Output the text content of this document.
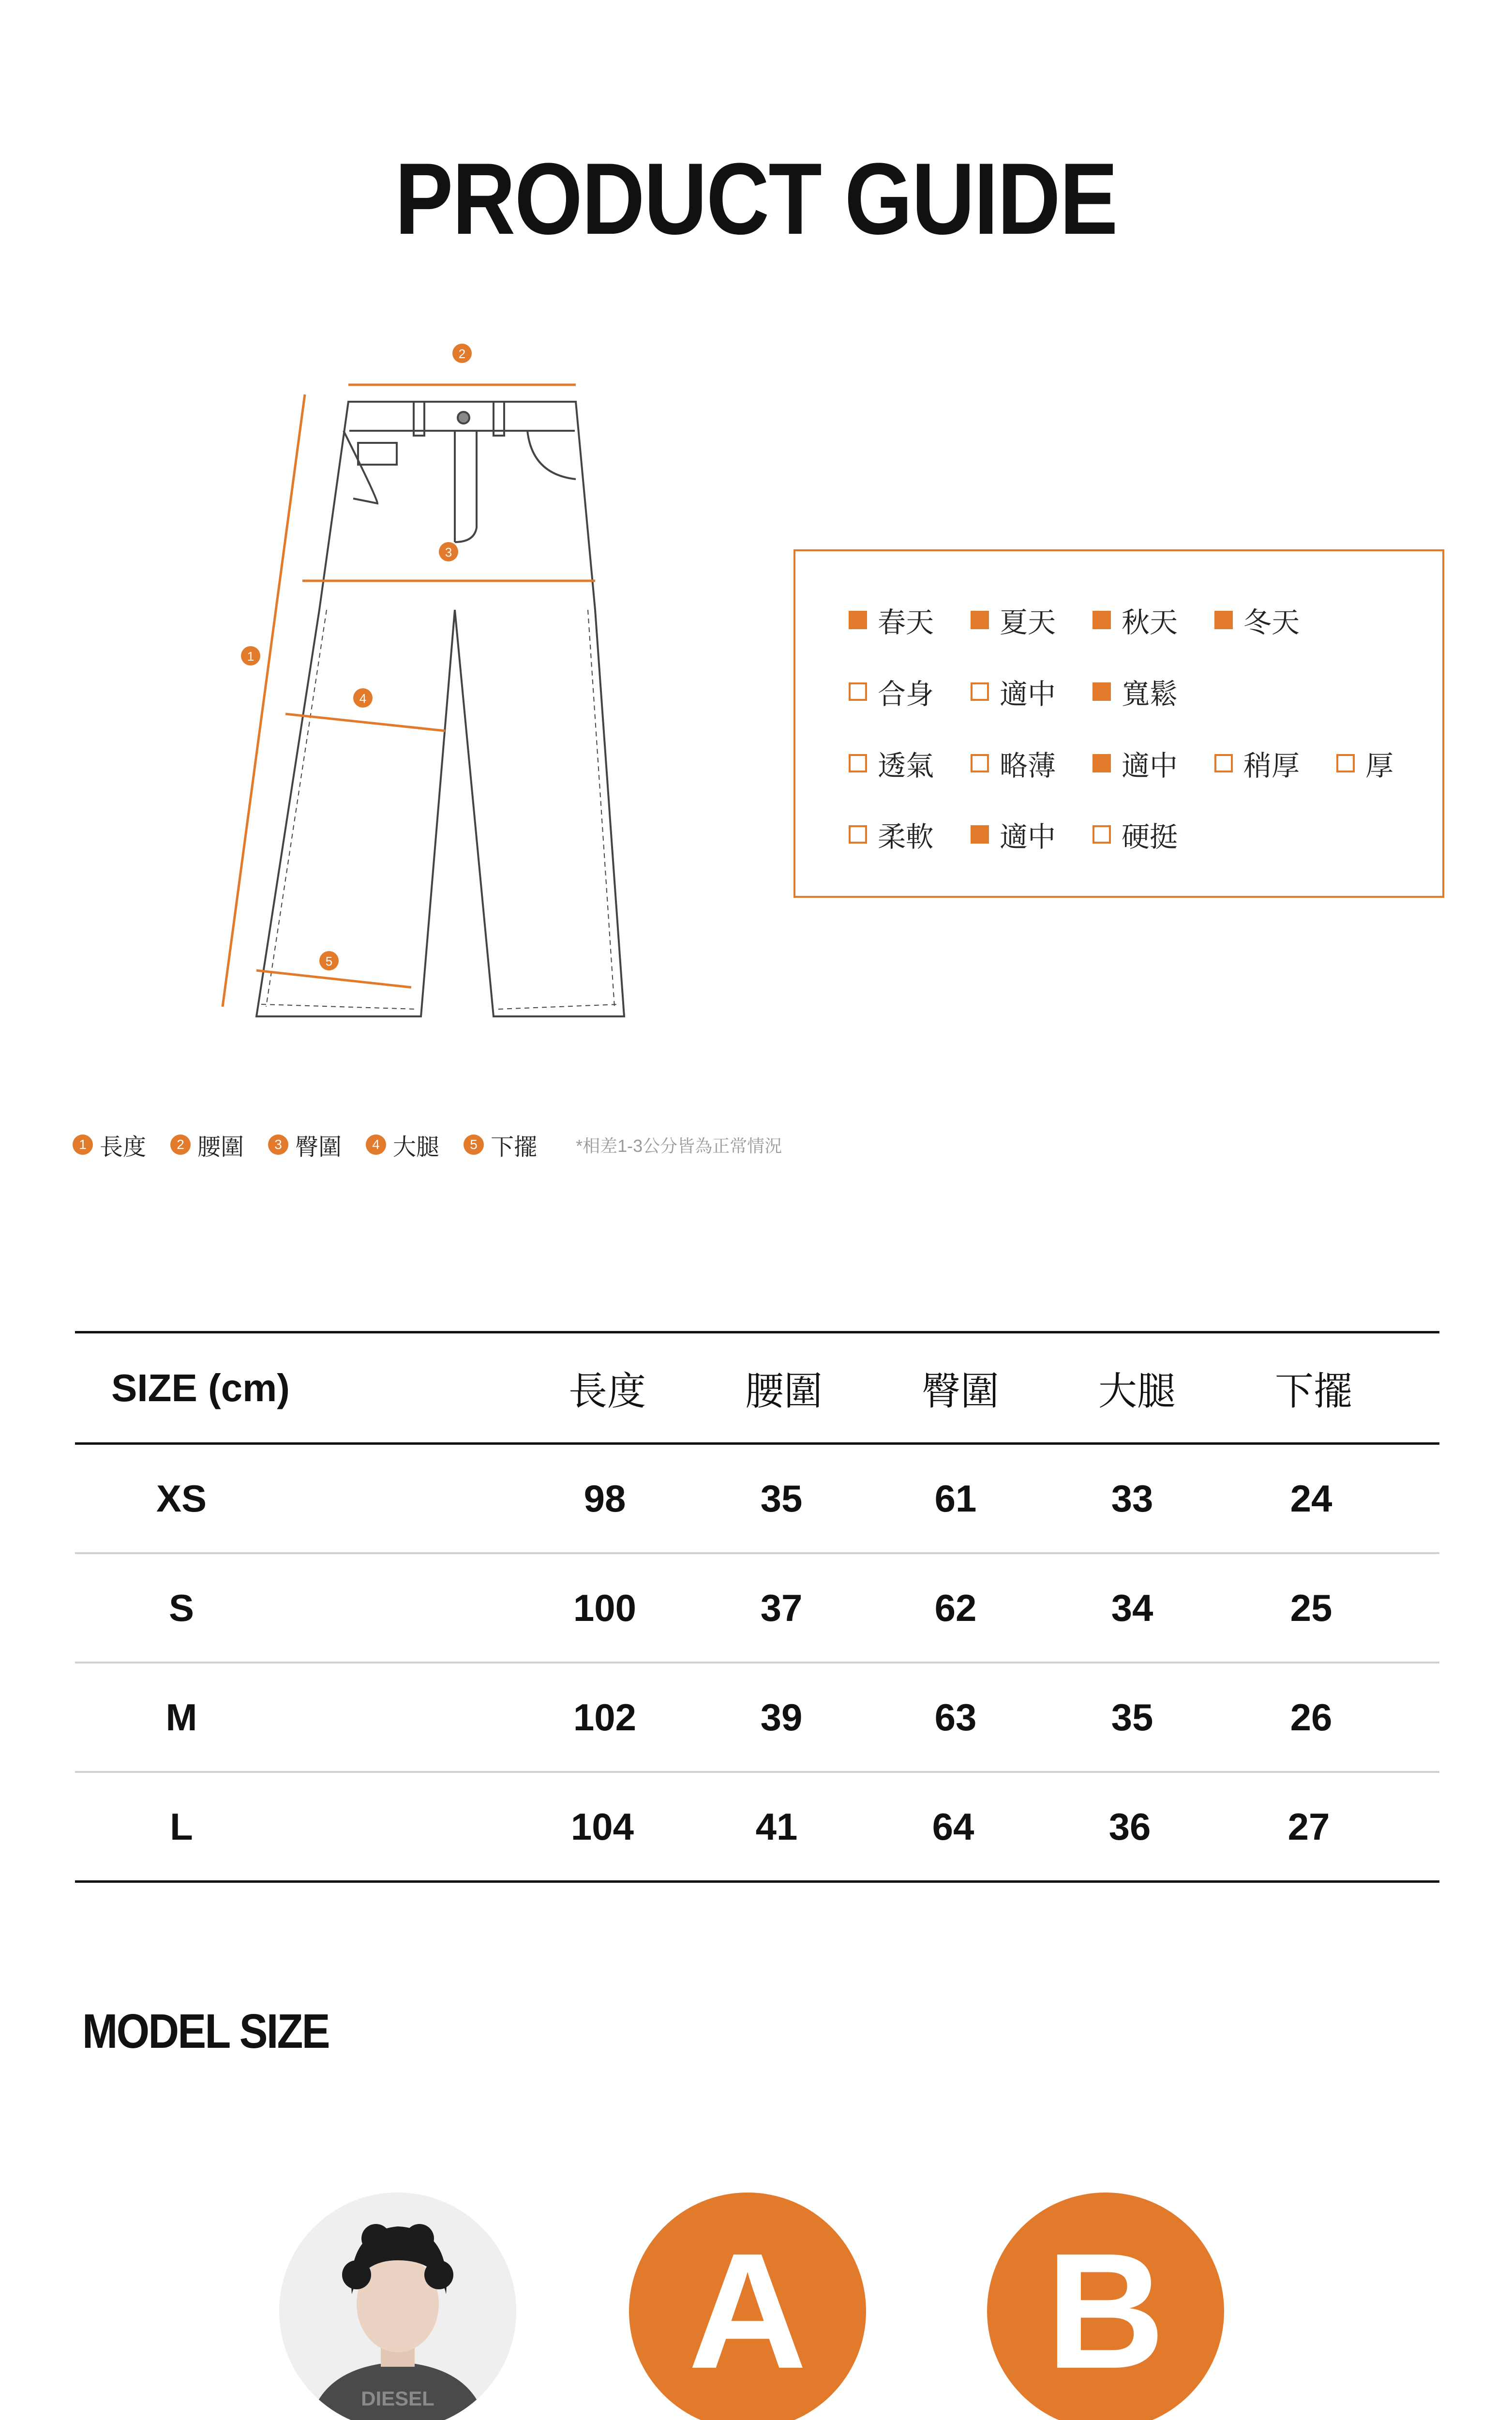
PRODUCT GUIDE
2
3
1
4
5
春天 夏天 秋天 冬天
合身 適中 寬鬆
透氣 略薄 適中 稍厚 厚
柔軟 適中 硬挺
1 長度	2 腰圍	3 臀圍	4 大腿	5 下擺 *相差1-3公分皆為正常情況
SIZE (cm)	長度	腰圍	臀圍	大腿	下擺
XS	98	35	61	33	24
S	100	37	62	34	25
M	102	39	63	35	26
L	104	41	64	36	27
MODEL SIZE
DIESEL	A	B
